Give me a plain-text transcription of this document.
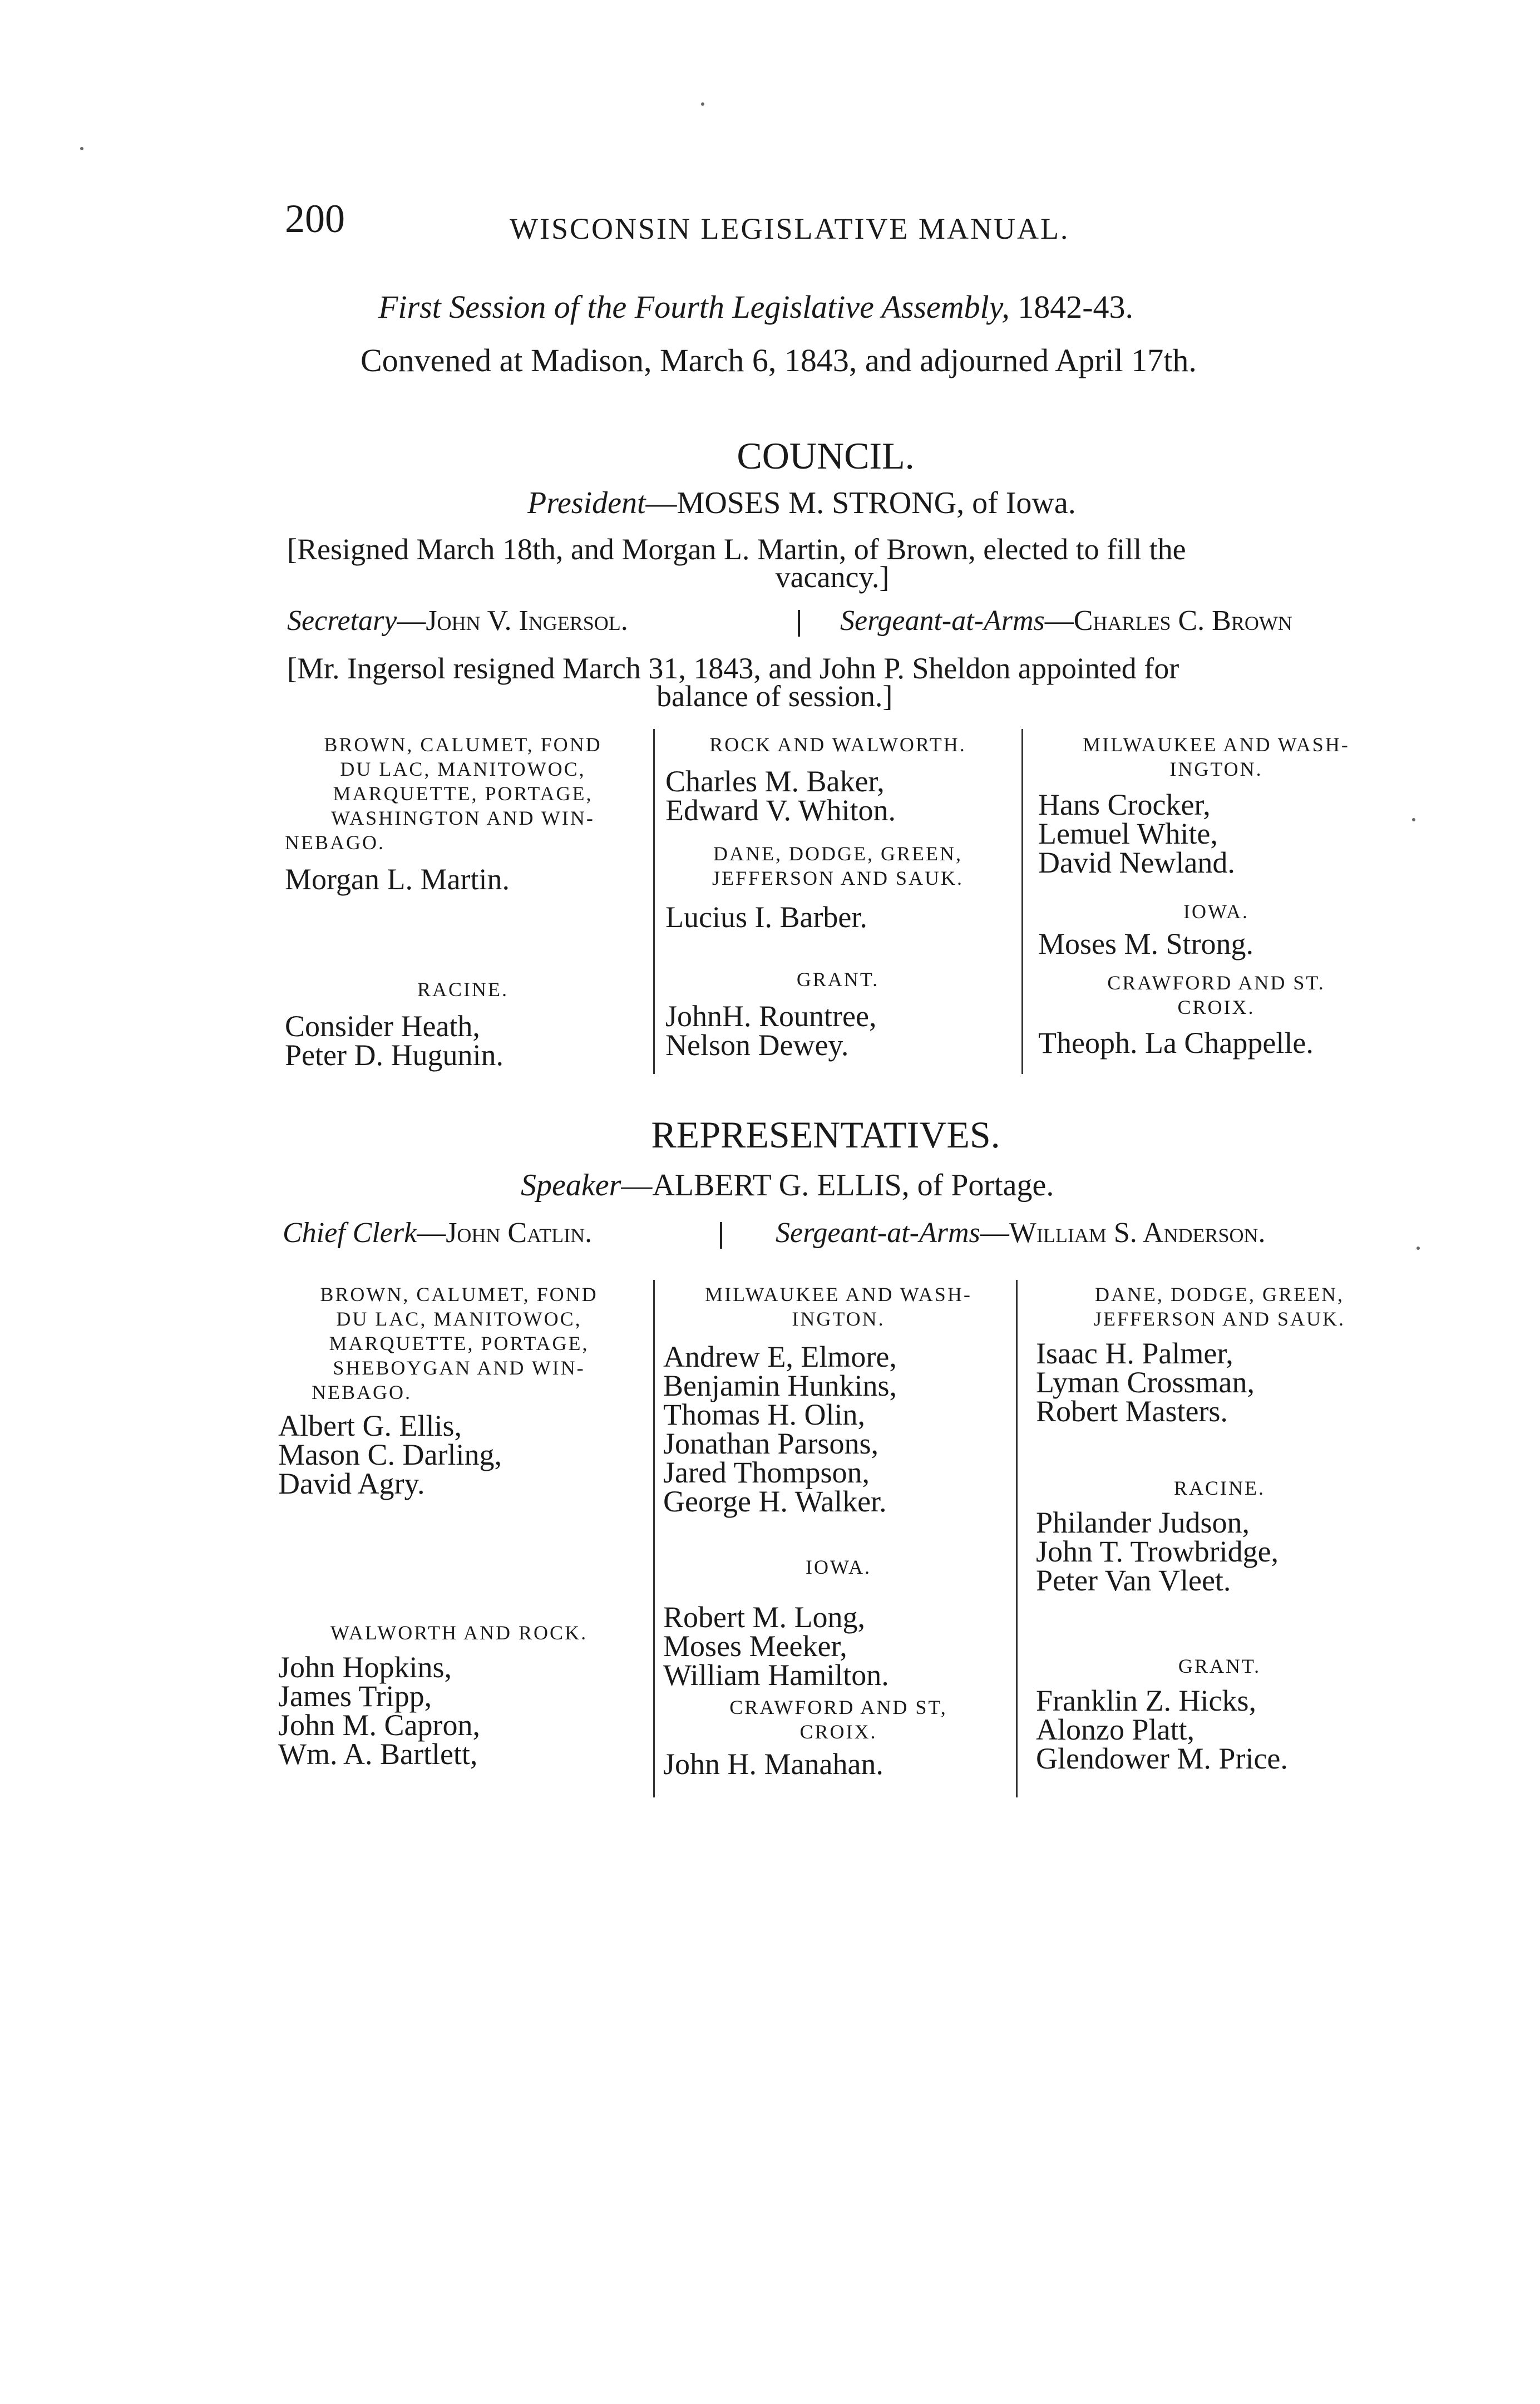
200	WISCONSIN LEGISLATIVE MANUAL.
First Session of the Fourth Legislative Assembly, 1842-43.
Convened at Madison, March 6, 1843, and adjourned April 17th.
COUNCIL.
President—MOSES M. STRONG, of Iowa.
[Resigned March 18th, and Morgan L. Martin, of Brown, elected to fill the
vacancy.]
Secretary—John V. Ingersol.	Sergeant-at-Arms—Charles C. Brown
[Mr. Ingersol resigned March 31, 1843, and John P. Sheldon appointed for
balance of session.]
BROWN, CALUMET, FOND
DU LAC, MANITOWOC,
MARQUETTE, PORTAGE,
WASHINGTON AND WIN-
NEBAGO.
Morgan L. Martin.
RACINE.
Consider Heath,
Peter D. Hugunin.
ROCK AND WALWORTH.
Charles M. Baker,
Edward V. Whiton.
DANE, DODGE, GREEN,
JEFFERSON AND SAUK.
Lucius I. Barber.
GRANT.
JohnH. Rountree,
Nelson Dewey.
MILWAUKEE AND WASH-
INGTON.
Hans Crocker,
Lemuel White,
David Newland.
IOWA.
Moses M. Strong.
CRAWFORD AND ST.
CROIX.
Theoph. La Chappelle.
REPRESENTATIVES.
Speaker—ALBERT G. ELLIS, of Portage.
Chief Clerk—John Catlin.	Sergeant-at-Arms—William S. Anderson.
BROWN, CALUMET, FOND
DU LAC, MANITOWOC,
MARQUETTE, PORTAGE,
SHEBOYGAN AND WIN-
NEBAGO.
Albert G. Ellis,
Mason C. Darling,
David Agry.
WALWORTH AND ROCK.
John Hopkins,
James Tripp,
John M. Capron,
Wm. A. Bartlett,
MILWAUKEE AND WASH-
INGTON.
Andrew E, Elmore,
Benjamin Hunkins,
Thomas H. Olin,
Jonathan Parsons,
Jared Thompson,
George H. Walker.
IOWA.
Robert M. Long,
Moses Meeker,
William Hamilton.
CRAWFORD AND ST,
CROIX.
John H. Manahan.
DANE, DODGE, GREEN,
JEFFERSON AND SAUK.
Isaac H. Palmer,
Lyman Crossman,
Robert Masters.
RACINE.
Philander Judson,
John T. Trowbridge,
Peter Van Vleet.
GRANT.
Franklin Z. Hicks,
Alonzo Platt,
Glendower M. Price.
